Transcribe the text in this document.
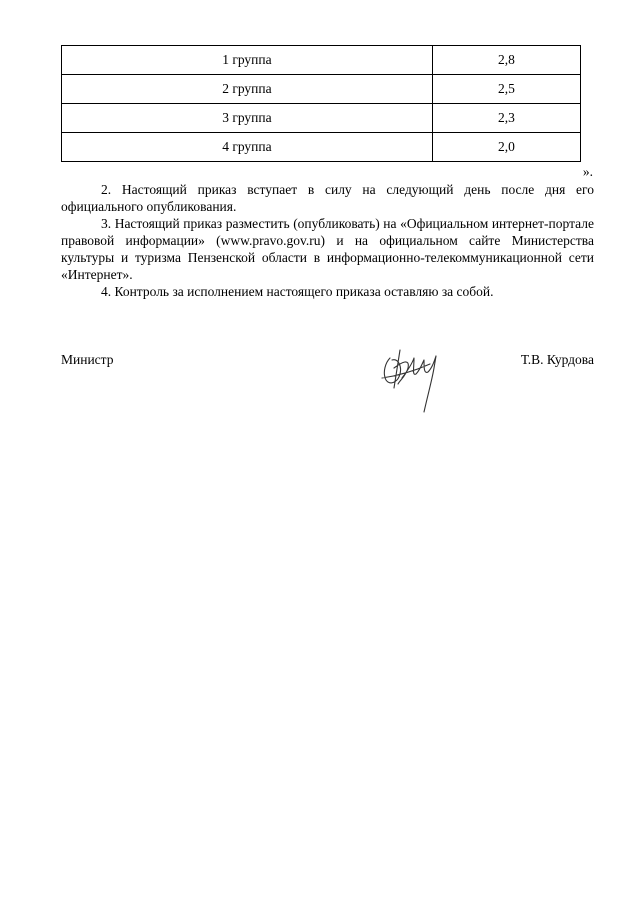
1 группа	2,8
2 группа	2,5
3 группа	2,3
4 группа	2,0
».

2. Настоящий приказ вступает в силу на следующий день после дня его официального опубликования.

3. Настоящий приказ разместить (опубликовать) на «Официальном интернет-портале правовой информации» (www.pravo.gov.ru) и на официальном сайте Министерства культуры и туризма Пензенской области в информационно-телекоммуникационной сети «Интернет».

4. Контроль за исполнением настоящего приказа оставляю за собой.

Министр	Т.В. Курдова
